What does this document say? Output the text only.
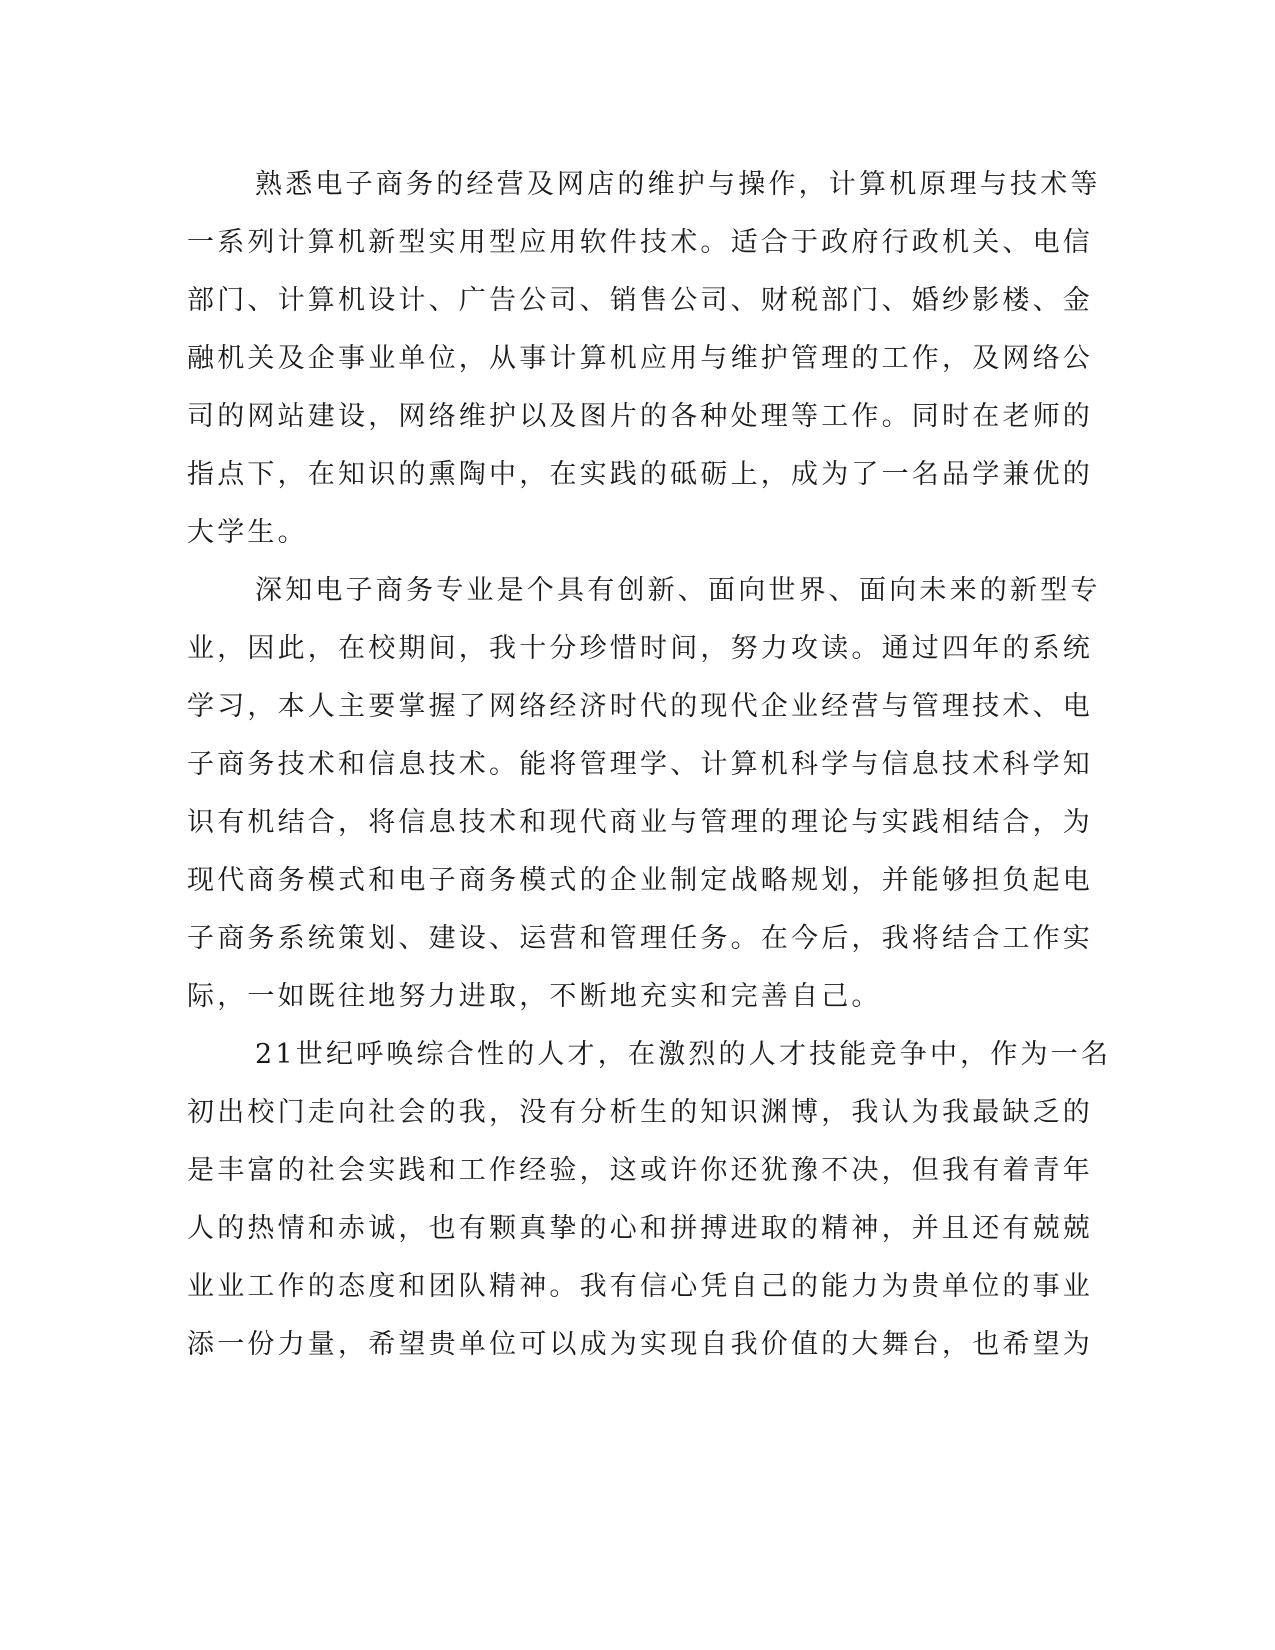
熟悉电子商务的经营及网店的维护与操作，计算机原理与技术等
一系列计算机新型实用型应用软件技术。适合于政府行政机关、电信
部门、计算机设计、广告公司、销售公司、财税部门、婚纱影楼、金
融机关及企事业单位，从事计算机应用与维护管理的工作，及网络公
司的网站建设，网络维护以及图片的各种处理等工作。同时在老师的
指点下，在知识的熏陶中，在实践的砥砺上，成为了一名品学兼优的
大学生。
深知电子商务专业是个具有创新、面向世界、面向未来的新型专
业，因此，在校期间，我十分珍惜时间，努力攻读。通过四年的系统
学习，本人主要掌握了网络经济时代的现代企业经营与管理技术、电
子商务技术和信息技术。能将管理学、计算机科学与信息技术科学知
识有机结合，将信息技术和现代商业与管理的理论与实践相结合，为
现代商务模式和电子商务模式的企业制定战略规划，并能够担负起电
子商务系统策划、建设、运营和管理任务。在今后，我将结合工作实
际，一如既往地努力进取，不断地充实和完善自己。
21世纪呼唤综合性的人才，在激烈的人才技能竞争中，作为一名
初出校门走向社会的我，没有分析生的知识渊博，我认为我最缺乏的
是丰富的社会实践和工作经验，这或许你还犹豫不决，但我有着青年
人的热情和赤诚，也有颗真挚的心和拼搏进取的精神，并且还有兢兢
业业工作的态度和团队精神。我有信心凭自己的能力为贵单位的事业
添一份力量，希望贵单位可以成为实现自我价值的大舞台，也希望为
